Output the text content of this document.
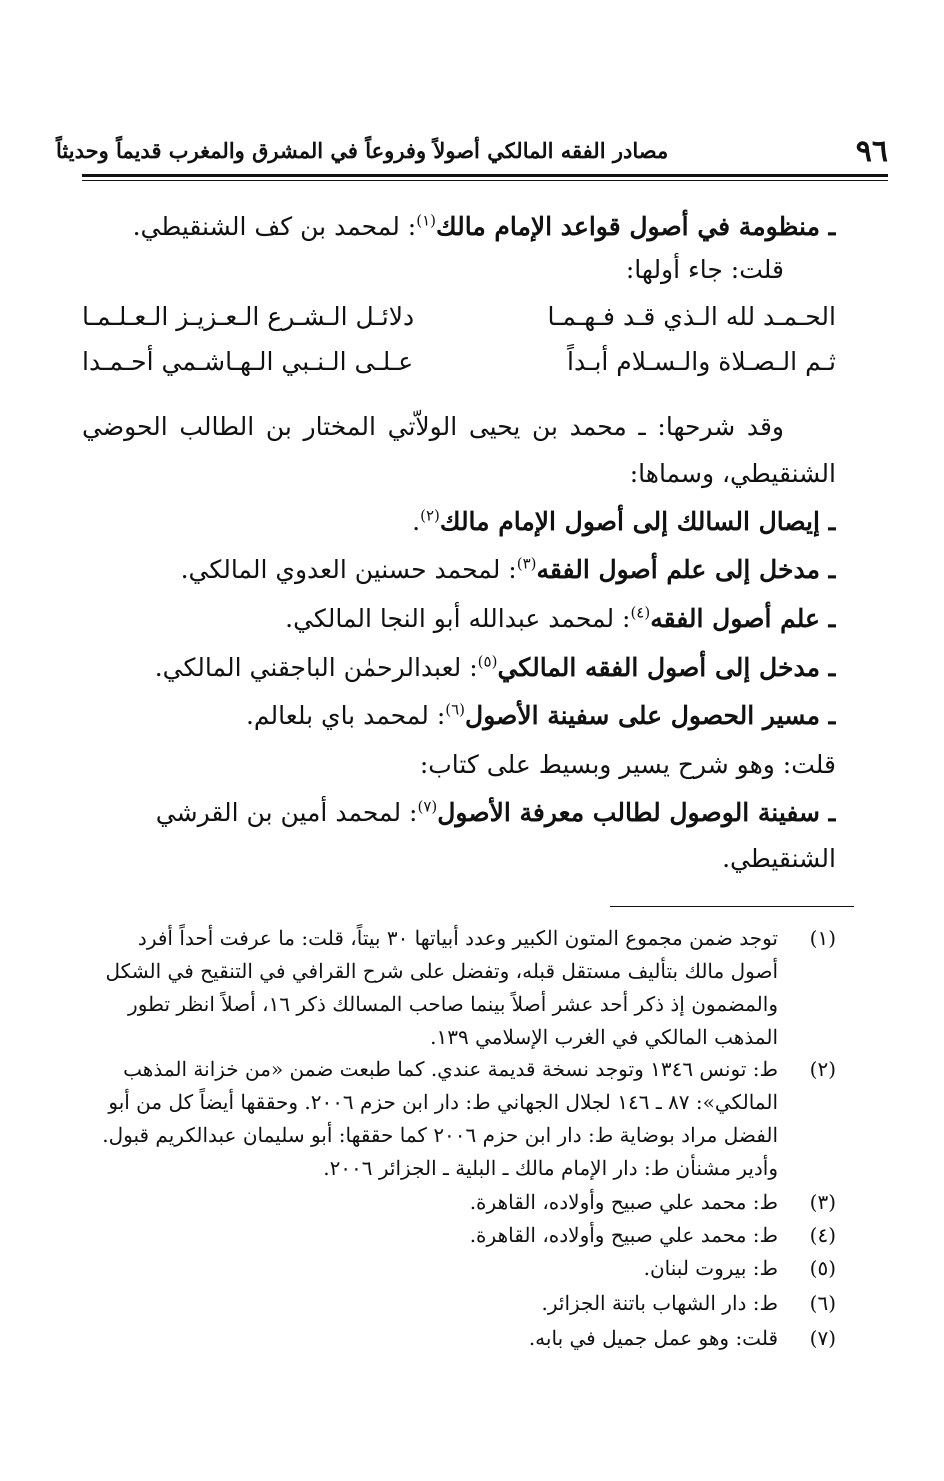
٩٦
مصادر الفقه المالكي أصولاً وفروعاً في المشرق والمغرب قديماً وحديثاً
ـ منظومة في أصول قواعد الإمام مالك$^{(١)}$: لمحمد بن كف الشنقيطي.
قلت: جاء أولها:
الحـمـد لله الـذي قـد فـهـمـا
دلائـل الـشـرع الـعـزيـز الـعـلـمـا
ثـم الـصـلاة والـسـلام أبـداً
عـلـى الـنـبي الـهـاشـمي أحـمـدا
وقد شرحها: ـ محمد بن يحيى الولاّتي المختار بن الطالب الحوضي
الشنقيطي، وسماها:
ـ إيصال السالك إلى أصول الإمام مالك$^{(٢)}$.
ـ مدخل إلى علم أصول الفقه$^{(٣)}$: لمحمد حسنين العدوي المالكي.
ـ علم أصول الفقه$^{(٤)}$: لمحمد عبدالله أبو النجا المالكي.
ـ مدخل إلى أصول الفقه المالكي$^{(٥)}$: لعبدالرحمٰن الباجقني المالكي.
ـ مسير الحصول على سفينة الأصول$^{(٦)}$: لمحمد باي بلعالم.
قلت: وهو شرح يسير وبسيط على كتاب:
ـ سفينة الوصول لطالب معرفة الأصول$^{(٧)}$: لمحمد أمين بن القرشي
الشنقيطي.
(١)
توجد ضمن مجموع المتون الكبير وعدد أبياتها ٣٠ بيتاً، قلت: ما عرفت أحداً أفرد
أصول مالك بتأليف مستقل قبله، وتفضل على شرح القرافي في التنقيح في الشكل
والمضمون إذ ذكر أحد عشر أصلاً بينما صاحب المسالك ذكر ١٦، أصلاً انظر تطور
المذهب المالكي في الغرب الإسلامي ١٣٩.
(٢)
ط: تونس ١٣٤٦ وتوجد نسخة قديمة عندي. كما طبعت ضمن «من خزانة المذهب
المالكي»: ٨٧ ـ ١٤٦ لجلال الجهاني ط: دار ابن حزم ٢٠٠٦. وحققها أيضاً كل من أبو
الفضل مراد بوضاية ط: دار ابن حزم ٢٠٠٦ كما حققها: أبو سليمان عبدالكريم قبول.
وأدير مشنأن ط: دار الإمام مالك ـ البلية ـ الجزائر ٢٠٠٦.
(٣)
ط: محمد علي صبيح وأولاده، القاهرة.
(٤)
ط: محمد علي صبيح وأولاده، القاهرة.
(٥)
ط: بيروت لبنان.
(٦)
ط: دار الشهاب باتنة الجزائر.
(٧)
قلت: وهو عمل جميل في بابه.
